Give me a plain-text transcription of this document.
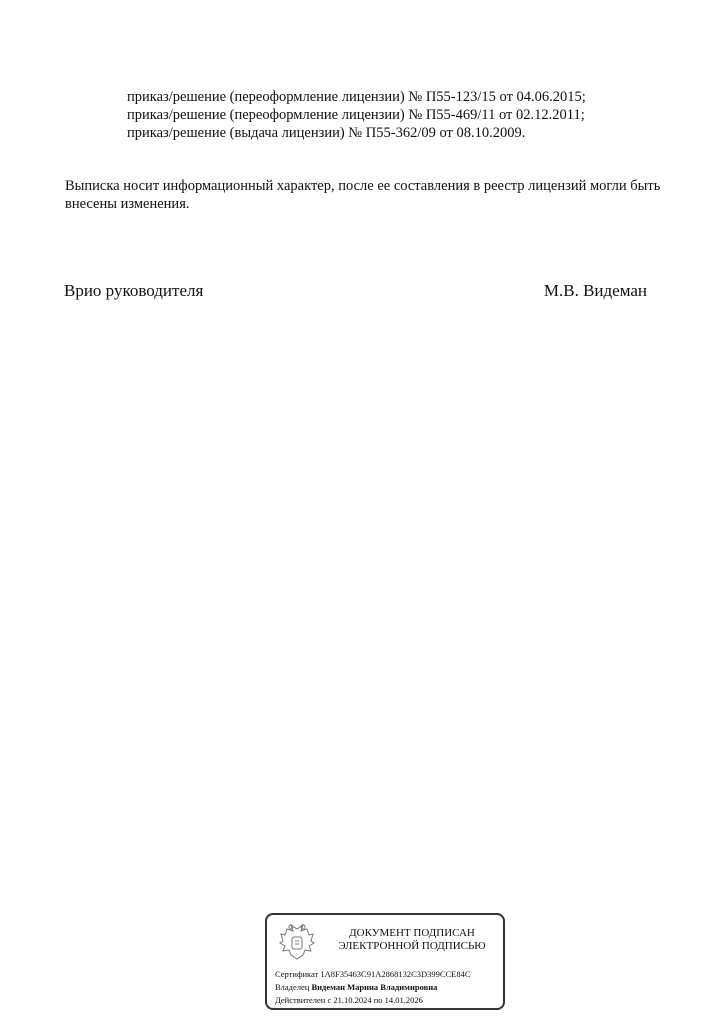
приказ/решение (переоформление лицензии) № П55-123/15 от 04.06.2015;
приказ/решение (переоформление лицензии) № П55-469/11 от 02.12.2011;
приказ/решение (выдача лицензии) № П55-362/09 от 08.10.2009.
Выписка носит информационный характер, после ее составления в реестр лицензий могли быть внесены изменения.
Врио руководителя	М.В. Видеман
ДОКУМЕНТ ПОДПИСАН
ЭЛЕКТРОННОЙ ПОДПИСЬЮ
Сертификат 1A8F35463C91A2868132C3D399CCE84C
Владелец Видеман Марина Владимировна
Действителен с 21.10.2024 по 14.01.2026
